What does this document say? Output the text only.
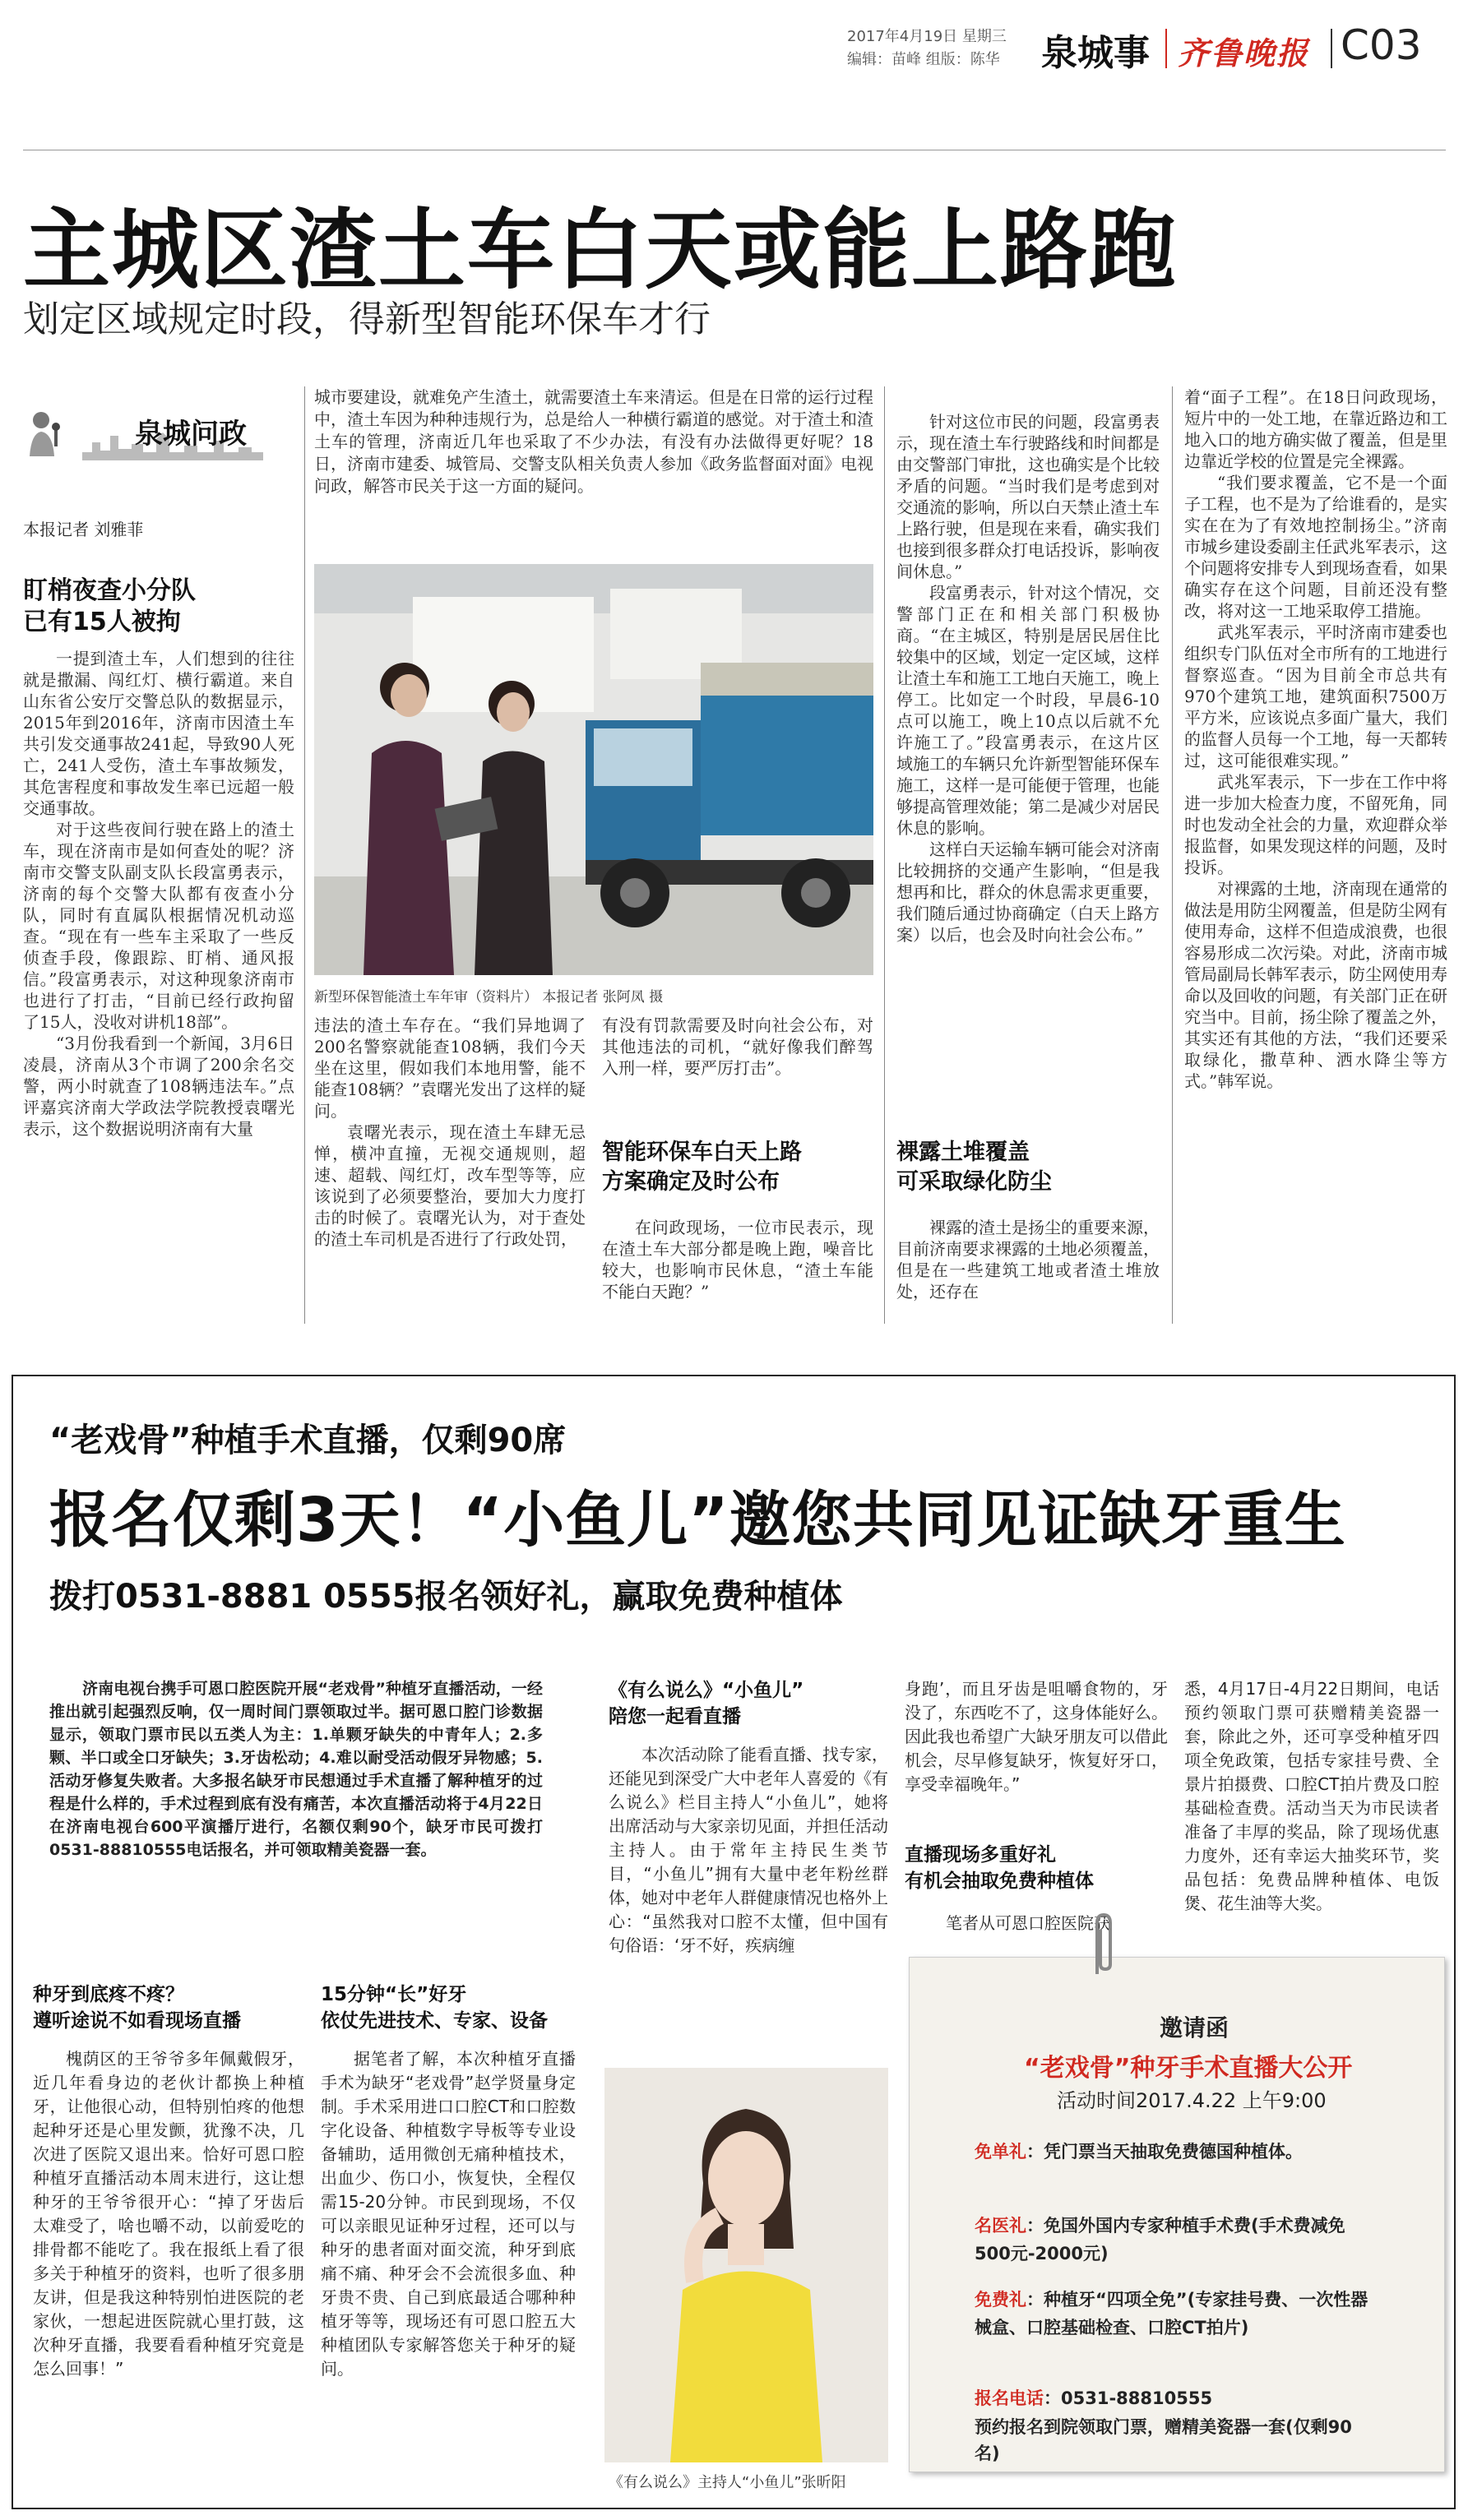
2017年4月19日 星期三
编辑：苗峰 组版：陈华 泉城事 齐鲁晚报 C03
主城区渣土车白天或能上路跑
划定区域规定时段，得新型智能环保车才行
泉城问政
本报记者 刘雅菲
城市要建设，就难免产生渣土，就需要渣土车来清运。但是在日常的运行过程中，渣土车因为种种违规行为，总是给人一种横行霸道的感觉。对于渣土和渣土车的管理，济南近几年也采取了不少办法，有没有办法做得更好呢？18日，济南市建委、城管局、交警支队相关负责人参加《政务监督面对面》电视问政，解答市民关于这一方面的疑问。
盯梢夜查小分队
已有15人被拘

一提到渣土车，人们想到的往往就是撒漏、闯红灯、横行霸道。来自山东省公安厅交警总队的数据显示，2015年到2016年，济南市因渣土车共引发交通事故241起，导致90人死亡，241人受伤，渣土车事故频发，其危害程度和事故发生率已远超一般交通事故。

对于这些夜间行驶在路上的渣土车，现在济南市是如何查处的呢？济南市交警支队副支队长段富勇表示，济南的每个交警大队都有夜查小分队，同时有直属队根据情况机动巡查。“现在有一些车主采取了一些反侦查手段，像跟踪、盯梢、通风报信。”段富勇表示，对这种现象济南市也进行了打击，“目前已经行政拘留了15人，没收对讲机18部”。

“3月份我看到一个新闻，3月6日凌晨，济南从3个市调了200余名交警，两小时就查了108辆违法车。”点评嘉宾济南大学政法学院教授袁曙光表示，这个数据说明济南有大量

新型环保智能渣土车年审（资料片） 本报记者 张阿凤 摄

违法的渣土车存在。“我们异地调了200名警察就能查108辆，我们今天坐在这里，假如我们本地用警，能不能查108辆？”袁曙光发出了这样的疑问。

袁曙光表示，现在渣土车肆无忌惮，横冲直撞，无视交通规则，超速、超载、闯红灯，改车型等等，应该说到了必须要整治，要加大力度打击的时候了。袁曙光认为，对于查处的渣土车司机是否进行了行政处罚，

有没有罚款需要及时向社会公布，对其他违法的司机，“就好像我们醉驾入刑一样，要严厉打击”。

智能环保车白天上路
方案确定及时公布

在问政现场，一位市民表示，现在渣土车大部分都是晚上跑，噪音比较大，也影响市民休息，“渣土车能不能白天跑？”

针对这位市民的问题，段富勇表示，现在渣土车行驶路线和时间都是由交警部门审批，这也确实是个比较矛盾的问题。“当时我们是考虑到对交通流的影响，所以白天禁止渣土车上路行驶，但是现在来看，确实我们也接到很多群众打电话投诉，影响夜间休息。”

段富勇表示，针对这个情况，交警部门正在和相关部门积极协商。“在主城区，特别是居民居住比较集中的区域，划定一定区域，这样让渣土车和施工工地白天施工，晚上停工。比如定一个时段，早晨6-10点可以施工，晚上10点以后就不允许施工了。”段富勇表示，在这片区域施工的车辆只允许新型智能环保车施工，这样一是可能便于管理，也能够提高管理效能；第二是减少对居民休息的影响。

这样白天运输车辆可能会对济南比较拥挤的交通产生影响，“但是我想再和比，群众的休息需求更重要，我们随后通过协商确定（白天上路方案）以后，也会及时向社会公布。”

裸露土堆覆盖
可采取绿化防尘

裸露的渣土是扬尘的重要来源，目前济南要求裸露的土地必须覆盖，但是在一些建筑工地或者渣土堆放处，还存在

着“面子工程”。在18日问政现场，短片中的一处工地，在靠近路边和工地入口的地方确实做了覆盖，但是里边靠近学校的位置是完全裸露。

“我们要求覆盖，它不是一个面子工程，也不是为了给谁看的，是实实在在为了有效地控制扬尘。”济南市城乡建设委副主任武兆军表示，这个问题将安排专人到现场查看，如果确实存在这个问题，目前还没有整改，将对这一工地采取停工措施。

武兆军表示，平时济南市建委也组织专门队伍对全市所有的工地进行督察巡查。“因为目前全市总共有970个建筑工地，建筑面积7500万平方米，应该说点多面广量大，我们的监督人员每一个工地，每一天都转过，这可能很难实现。”

武兆军表示，下一步在工作中将进一步加大检查力度，不留死角，同时也发动全社会的力量，欢迎群众举报监督，如果发现这样的问题，及时投诉。

对裸露的土地，济南现在通常的做法是用防尘网覆盖，但是防尘网有使用寿命，这样不但造成浪费，也很容易形成二次污染。对此，济南市城管局副局长韩军表示，防尘网使用寿命以及回收的问题，有关部门正在研究当中。目前，扬尘除了覆盖之外，其实还有其他的方法，“我们还要采取绿化，撒草种、洒水降尘等方式。”韩军说。

“老戏骨”种植手术直播，仅剩90席
报名仅剩3天！“小鱼儿”邀您共同见证缺牙重生
拨打0531-8881 0555报名领好礼，赢取免费种植体
济南电视台携手可恩口腔医院开展“老戏骨”种植牙直播活动，一经推出就引起强烈反响，仅一周时间门票领取过半。据可恩口腔门诊数据显示，领取门票市民以五类人为主：1.单颗牙缺失的中青年人；2.多颗、半口或全口牙缺失；3.牙齿松动；4.难以耐受活动假牙异物感；5.活动牙修复失败者。大多报名缺牙市民想通过手术直播了解种植牙的过程是什么样的，手术过程到底有没有痛苦，本次直播活动将于4月22日在济南电视台600平演播厅进行，名额仅剩90个，缺牙市民可拨打0531-88810555电话报名，并可领取精美瓷器一套。
种牙到底疼不疼？
遵听途说不如看现场直播
槐荫区的王爷爷多年佩戴假牙，近几年看身边的老伙计都换上种植牙，让他很心动，但特别怕疼的他想起种牙还是心里发颤，犹豫不决，几次进了医院又退出来。恰好可恩口腔种植牙直播活动本周末进行，这让想种牙的王爷爷很开心：“掉了牙齿后太难受了，啥也嚼不动，以前爱吃的排骨都不能吃了。我在报纸上看了很多关于种植牙的资料，也听了很多朋友讲，但是我这种特别怕进医院的老家伙，一想起进医院就心里打鼓，这次种牙直播，我要看看种植牙究竟是怎么回事！”
15分钟“长”好牙
依仗先进技术、专家、设备
据笔者了解，本次种植牙直播手术为缺牙“老戏骨”赵学贤量身定制。手术采用进口口腔CT和口腔数字化设备、种植数字导板等专业设备辅助，适用微创无痛种植技术，出血少、伤口小，恢复快，全程仅需15-20分钟。市民到现场，不仅可以亲眼见证种牙过程，还可以与种牙的患者面对面交流，种牙到底痛不痛、种牙会不会流很多血、种牙贵不贵、自己到底最适合哪种种植牙等等，现场还有可恩口腔五大种植团队专家解答您关于种牙的疑问。
《有么说么》“小鱼儿”
陪您一起看直播
本次活动除了能看直播、找专家，还能见到深受广大中老年人喜爱的《有么说么》栏目主持人“小鱼儿”，她将出席活动与大家亲切见面，并担任活动主持人。由于常年主持民生类节目，“小鱼儿”拥有大量中老年粉丝群体，她对中老年人群健康情况也格外上心：“虽然我对口腔不太懂，但中国有句俗语：‘牙不好，疾病缠
《有么说么》主持人“小鱼儿”张昕阳
身跑’，而且牙齿是咀嚼食物的，牙没了，东西吃不了，这身体能好么。因此我也希望广大缺牙朋友可以借此机会，尽早修复缺牙，恢复好牙口，享受幸福晚年。”
直播现场多重好礼
有机会抽取免费种植体
笔者从可恩口腔医院获
悉，4月17日-4月22日期间，电话预约领取门票可获赠精美瓷器一套，除此之外，还可享受种植牙四项全免政策，包括专家挂号费、全景片拍摄费、口腔CT拍片费及口腔基础检查费。活动当天为市民读者准备了丰厚的奖品，除了现场优惠力度外，还有幸运大抽奖环节，奖品包括：免费品牌种植体、电饭煲、花生油等大奖。
邀请函
“老戏骨”种牙手术直播大公开
活动时间2017.4.22 上午9:00
免单礼：凭门票当天抽取免费德国种植体。
名医礼：免国外国内专家种植手术费(手术费减免500元-2000元)
免费礼：种植牙“四项全免”(专家挂号费、一次性器械盒、口腔基础检查、口腔CT拍片)
报名电话：0531-88810555
预约报名到院领取门票，赠精美瓷器一套(仅剩90名)
